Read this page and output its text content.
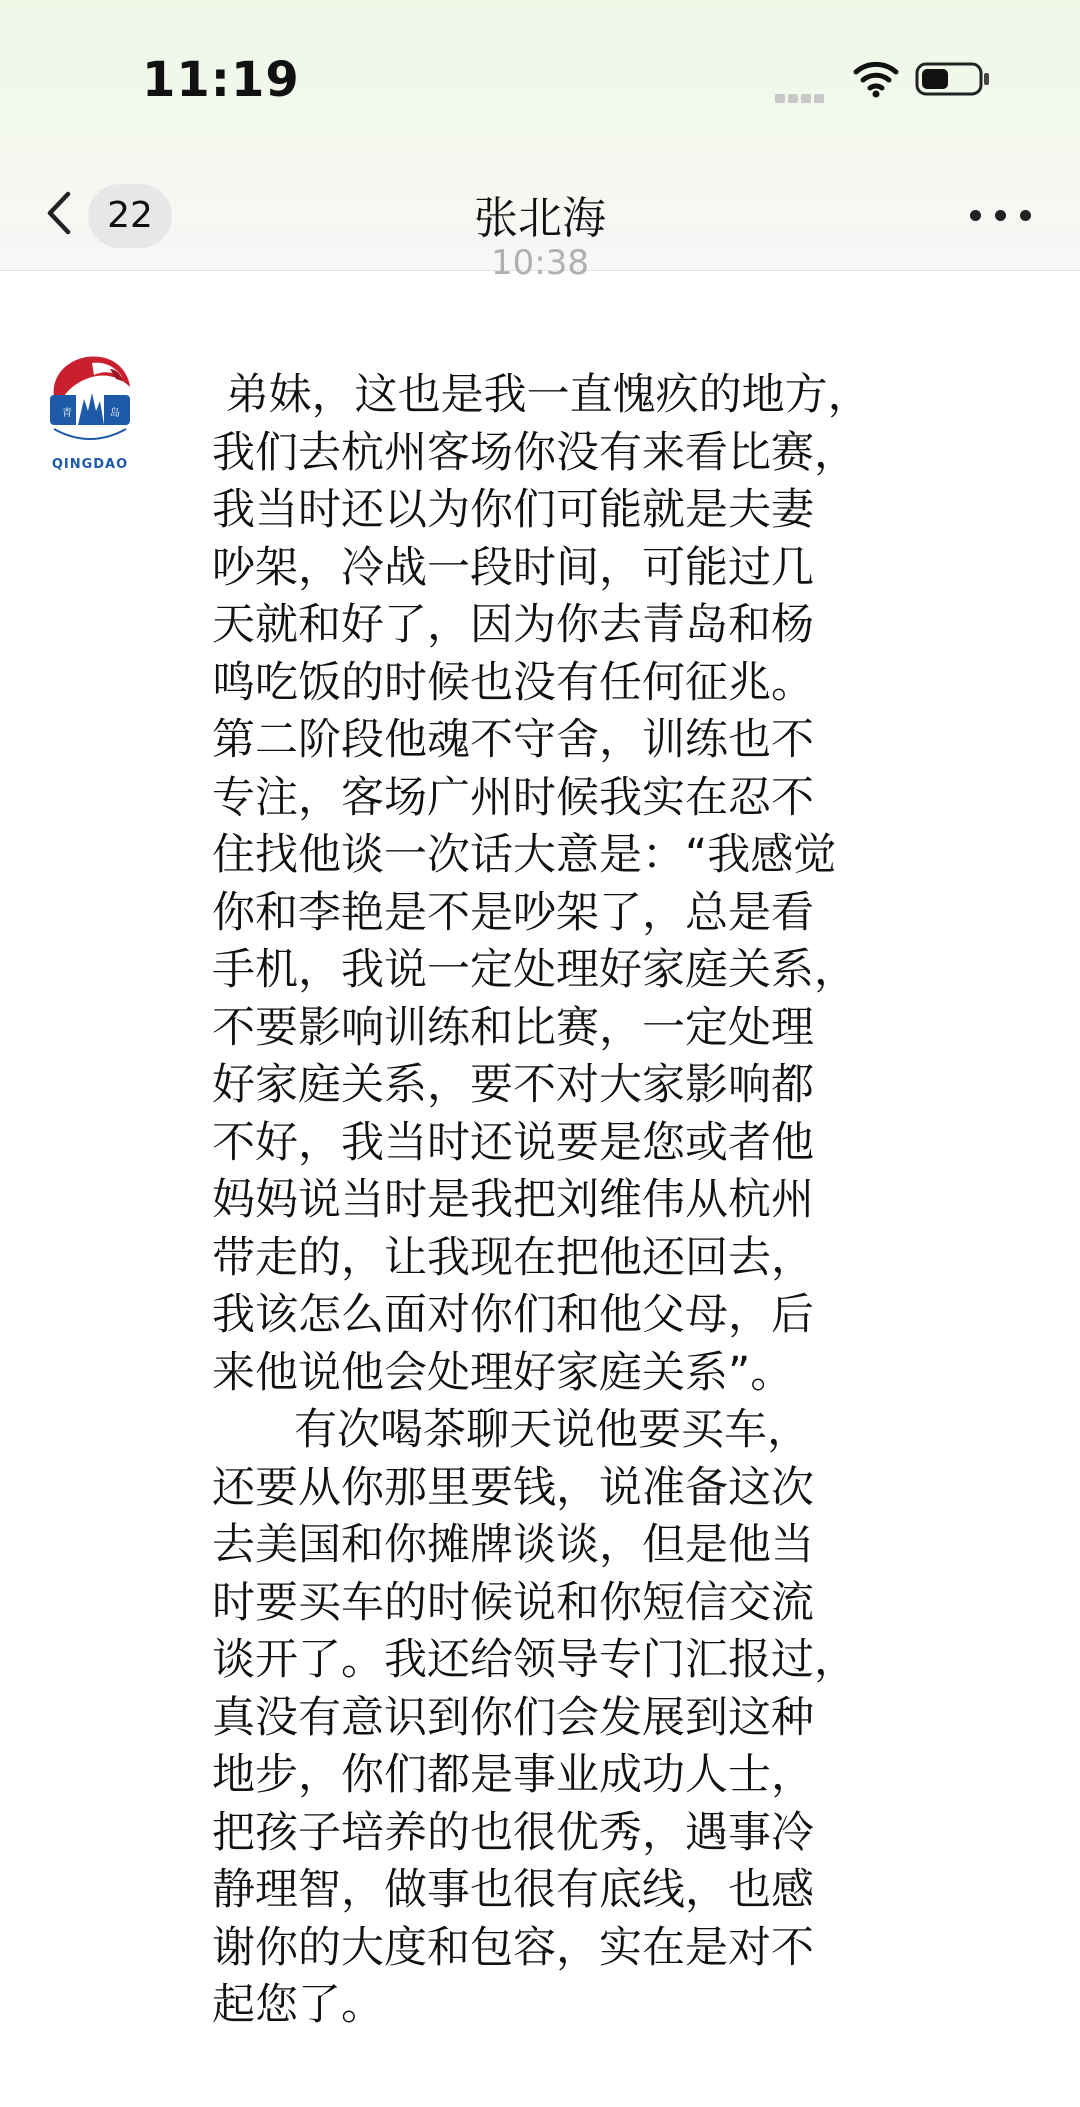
11:19
22	张北海
10:38
青	岛
QINGDAO
弟妹，这也是我一直愧疚的地方，
我们去杭州客场你没有来看比赛，
我当时还以为你们可能就是夫妻
吵架，冷战一段时间，可能过几
天就和好了，因为你去青岛和杨
鸣吃饭的时候也没有任何征兆。
第二阶段他魂不守舍，训练也不
专注，客场广州时候我实在忍不
住找他谈一次话大意是：“我感觉
你和李艳是不是吵架了，总是看
手机，我说一定处理好家庭关系，
不要影响训练和比赛，一定处理
好家庭关系，要不对大家影响都
不好，我当时还说要是您或者他
妈妈说当时是我把刘维伟从杭州
带走的，让我现在把他还回去，
我该怎么面对你们和他父母，后
来他说他会处理好家庭关系”。
有次喝茶聊天说他要买车，
还要从你那里要钱，说准备这次
去美国和你摊牌谈谈，但是他当
时要买车的时候说和你短信交流
谈开了。我还给领导专门汇报过，
真没有意识到你们会发展到这种
地步，你们都是事业成功人士，
把孩子培养的也很优秀，遇事冷
静理智，做事也很有底线，也感
谢你的大度和包容，实在是对不
起您了。
